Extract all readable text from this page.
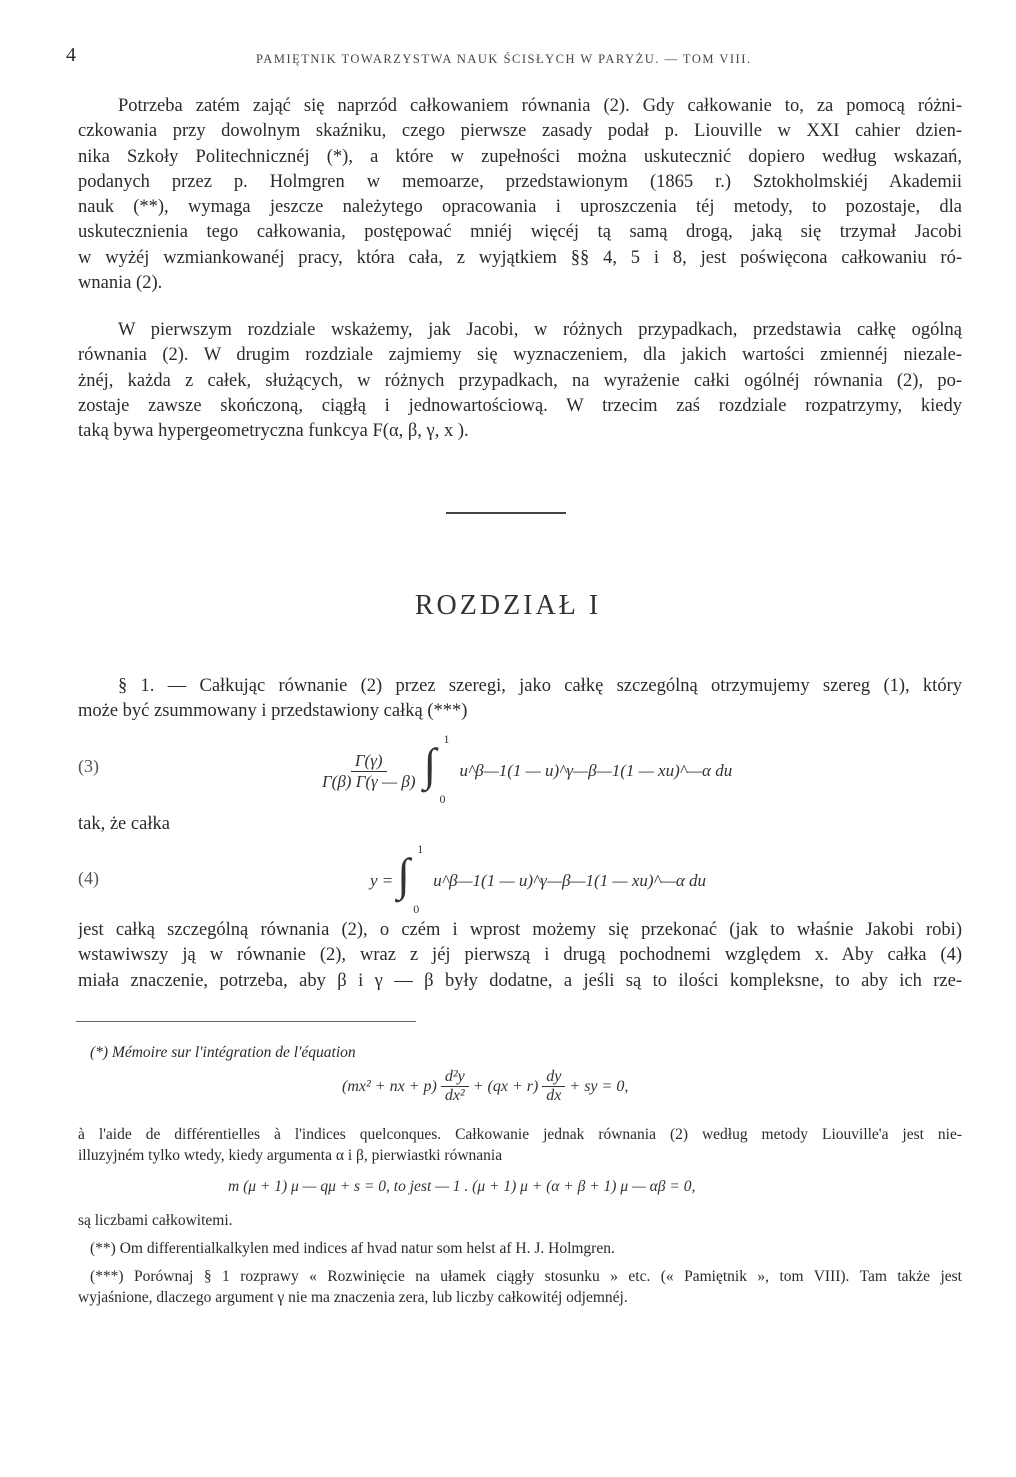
4	PAMIĘTNIK TOWARZYSTWA NAUK ŚCISŁYCH W PARYŻU. — TOM VIII.
Potrzeba zatém zająć się naprzód całkowaniem równania (2). Gdy całkowanie to, za pomocą różni-
czkowania przy dowolnym skaźniku, czego pierwsze zasady podał p. Liouville w XXI cahier dzien-
nika Szkoły Politechnicznéj (*), a które w zupełności można uskutecznić dopiero według wskazań,
podanych przez p. Holmgren w memoarze, przedstawionym (1865 r.) Sztokholmskiéj Akademii
nauk (**), wymaga jeszcze należytego opracowania i uproszczenia téj metody, to pozostaje, dla
uskutecznienia tego całkowania, postępować mniéj więcéj tą samą drogą, jaką się trzymał Jacobi
w wyżéj wzmiankowanéj pracy, która cała, z wyjątkiem §§ 4, 5 i 8, jest poświęcona całkowaniu ró-
wnania (2).
W pierwszym rozdziale wskażemy, jak Jacobi, w różnych przypadkach, przedstawia całkę ogólną
równania (2). W drugim rozdziale zajmiemy się wyznaczeniem, dla jakich wartości zmiennéj niezale-
żnéj, każda z całek, służących, w różnych przypadkach, na wyrażenie całki ogólnéj równania (2), po-
zostaje zawsze skończoną, ciągłą i jednowartościową. W trzecim zaś rozdziale rozpatrzymy, kiedy
taką bywa hypergeometryczna funkcya F(α, β, γ, x ).
ROZDZIAŁ I
§ 1. — Całkując równanie (2) przez szeregi, jako całkę szczególną otrzymujemy szereg (1), który
może być zsummowany i przedstawiony całką (***)
(3)	$\frac{\Gamma(\gamma)}{\Gamma(\beta) \Gamma(\gamma — \beta)}$ ∫ 1
0
u^β—1(1 — u)^γ—β—1(1 — xu)^—α du
tak, że całka
(4)	y = ∫ 1
0
u^β—1(1 — u)^γ—β—1(1 — xu)^—α du
jest całką szczególną równania (2), o czém i wprost możemy się przekonać (jak to właśnie Jakobi robi)
wstawiwszy ją w równanie (2), wraz z jéj pierwszą i drugą pochodnemi względem x. Aby całka (4)
miała znaczenie, potrzeba, aby β i γ — β były dodatne, a jeśli są to ilości kompleksne, to aby ich rze-
(*) Mémoire sur l'intégration de l'équation
(mx² + nx + $p) \frac{\text{d²y}}{\text{dx²}} + (qx + r) \frac{dy}{dx}$ + sy = 0,
à l'aide de différentielles à l'indices quelconques. Całkowanie jednak równania (2) według metody Liouville'a jest nie-
illuzyjném tylko wtedy, kiedy argumenta α i β, pierwiastki równania
m (μ + 1) μ — qμ + s = 0, to jest — 1 . (μ + 1) μ + (α + β + 1) μ — αβ = 0,
są liczbami całkowitemi.
(**) Om differentialkalkylen med indices af hvad natur som helst af H. J. Holmgren.
(***) Porównaj § 1 rozprawy « Rozwinięcie na ułamek ciągły stosunku » etc. (« Pamiętnik », tom VIII). Tam także jest
wyjaśnione, dlaczego argument γ nie ma znaczenia zera, lub liczby całkowitéj odjemnéj.
